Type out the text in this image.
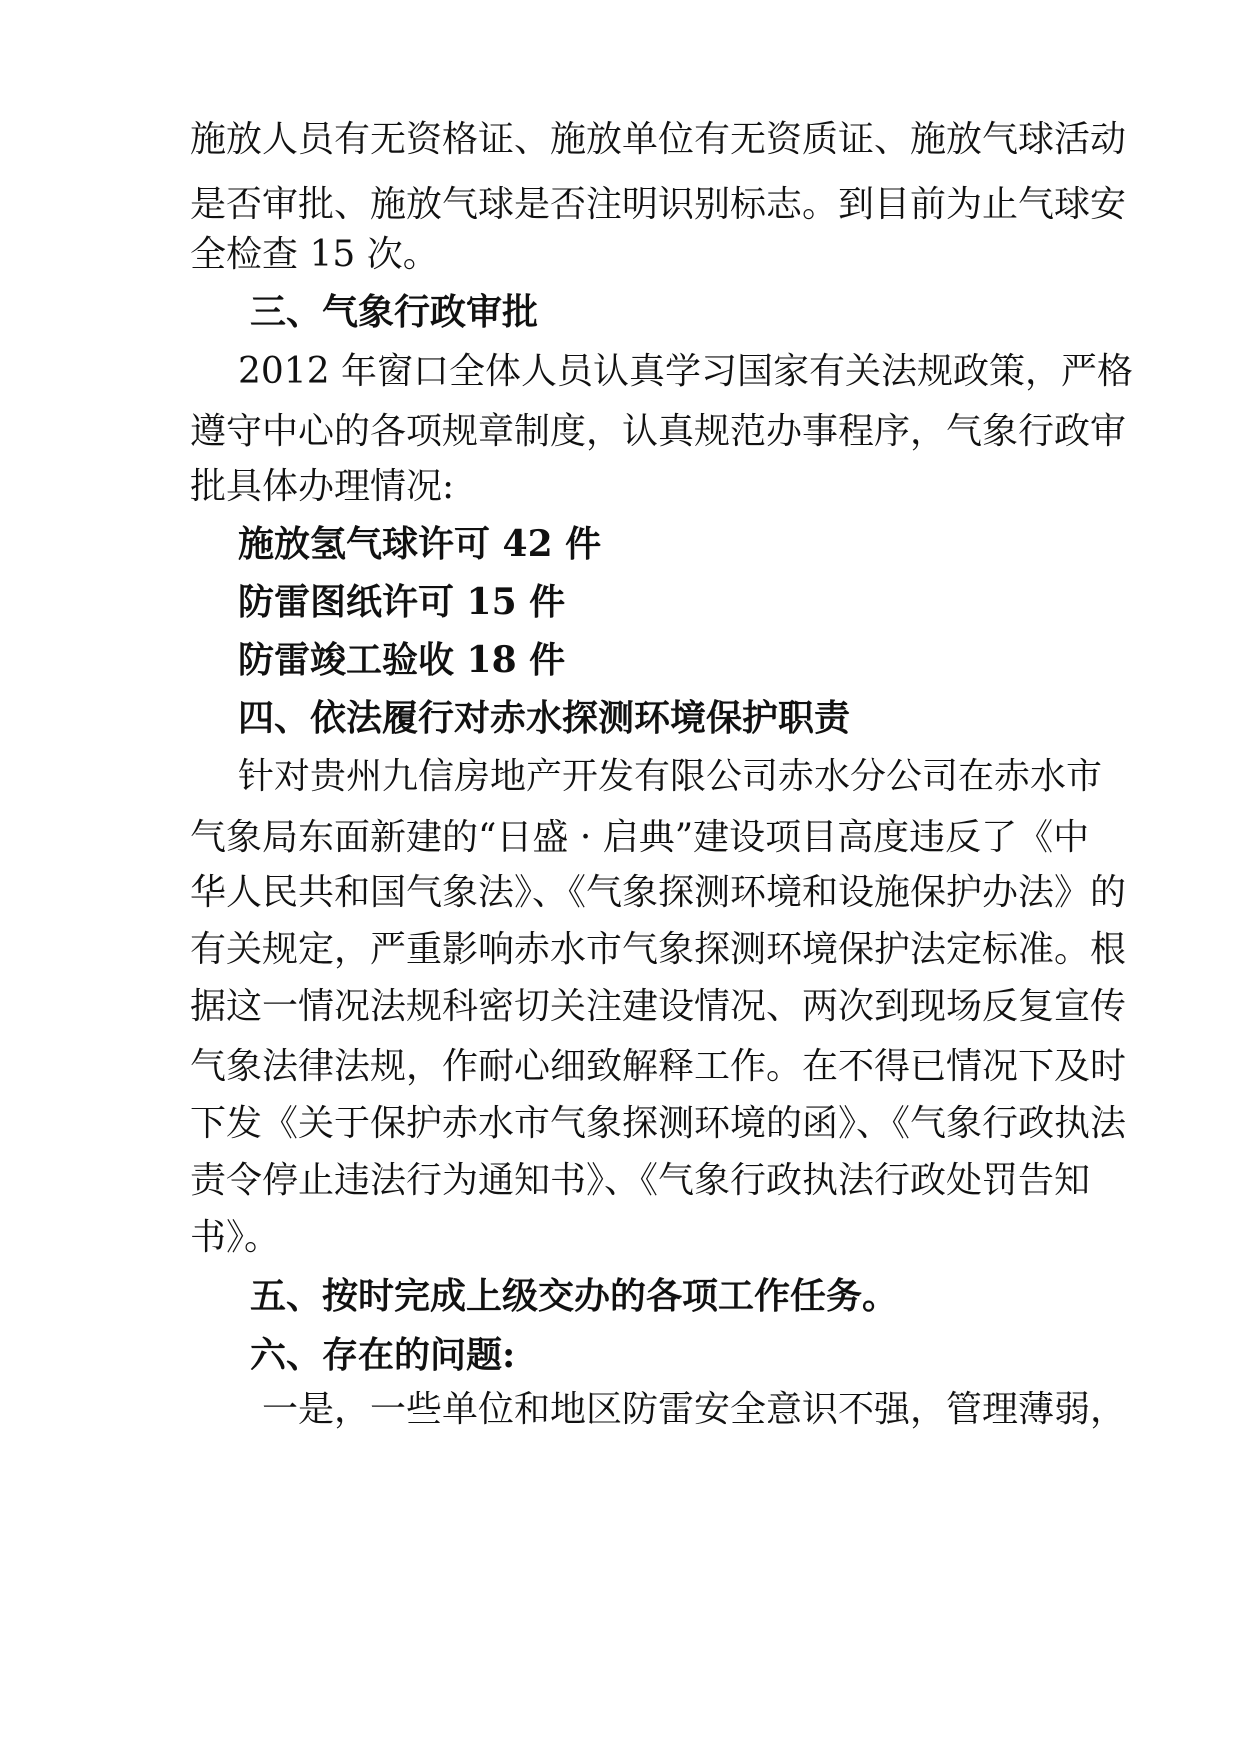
施放人员有无资格证、施放单位有无资质证、施放气球活动
是否审批、施放气球是否注明识别标志。到目前为止气球安
全检查 15 次。
三、气象行政审批
2012 年窗口全体人员认真学习国家有关法规政策，严格
遵守中心的各项规章制度，认真规范办事程序，气象行政审
批具体办理情况:
施放氢气球许可 42 件
防雷图纸许可 15 件
防雷竣工验收 18 件
四、依法履行对赤水探测环境保护职责
针对贵州九信房地产开发有限公司赤水分公司在赤水市
气象局东面新建的“日盛 · 启典”建设项目高度违反了《中
华人民共和国气象法》、《气象探测环境和设施保护办法》的
有关规定，严重影响赤水市气象探测环境保护法定标准。根
据这一情况法规科密切关注建设情况、两次到现场反复宣传
气象法律法规，作耐心细致解释工作。在不得已情况下及时
下发《关于保护赤水市气象探测环境的函》、《气象行政执法
责令停止违法行为通知书》、《气象行政执法行政处罚告知
书》。
五、按时完成上级交办的各项工作任务。
六、存在的问题:
一是，一些单位和地区防雷安全意识不强，管理薄弱，
